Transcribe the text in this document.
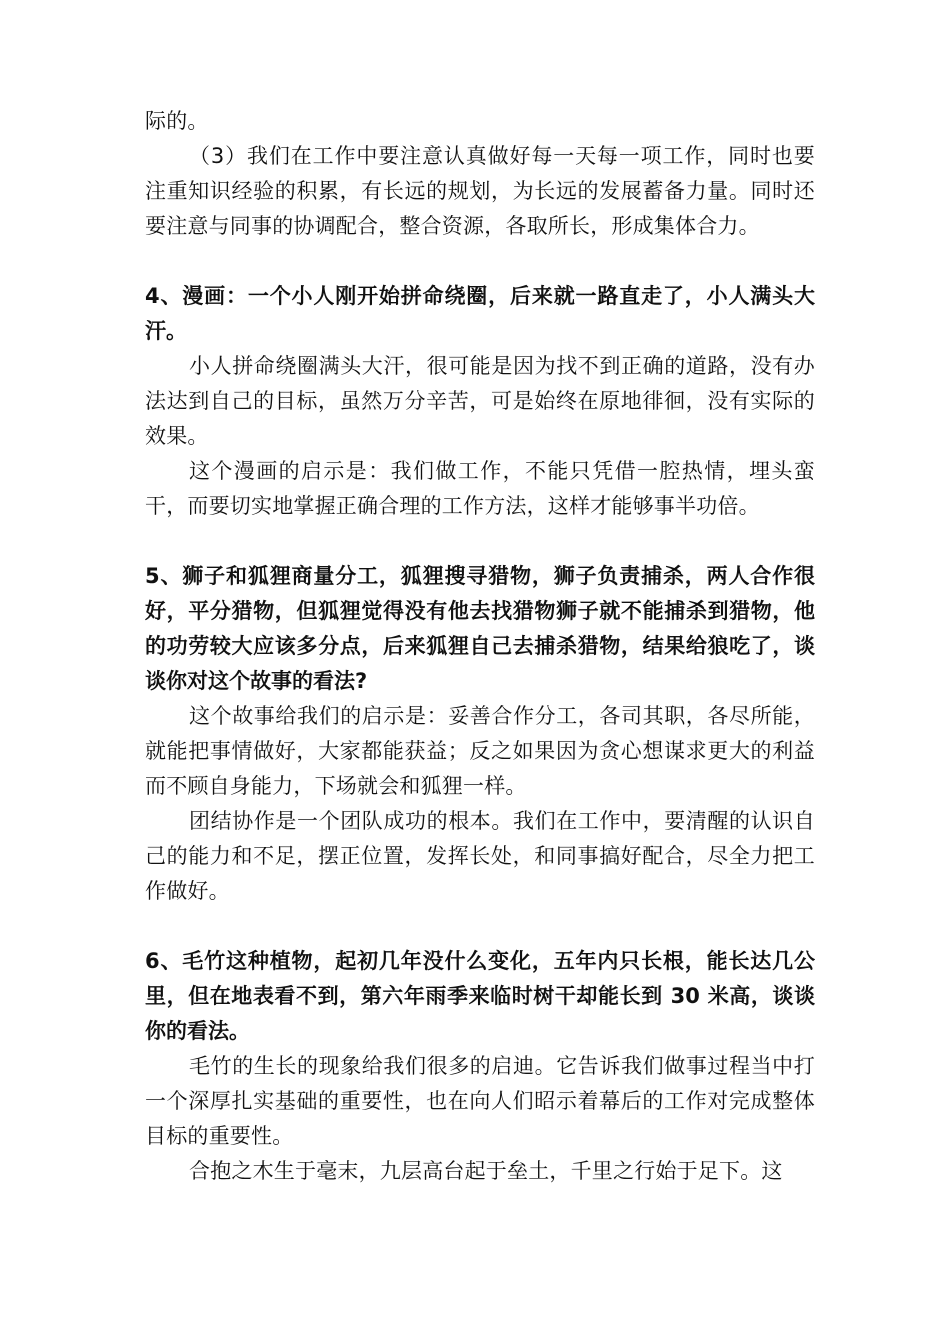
际的。

（3）我们在工作中要注意认真做好每一天每一项工作，同时也要注重知识经验的积累，有长远的规划，为长远的发展蓄备力量。同时还要注意与同事的协调配合，整合资源，各取所长，形成集体合力。

4、漫画：一个小人刚开始拼命绕圈，后来就一路直走了，小人满头大汗。

小人拼命绕圈满头大汗，很可能是因为找不到正确的道路，没有办法达到自己的目标，虽然万分辛苦，可是始终在原地徘徊，没有实际的效果。

这个漫画的启示是：我们做工作，不能只凭借一腔热情，埋头蛮干，而要切实地掌握正确合理的工作方法，这样才能够事半功倍。

5、狮子和狐狸商量分工，狐狸搜寻猎物，狮子负责捕杀，两人合作很好，平分猎物，但狐狸觉得没有他去找猎物狮子就不能捕杀到猎物，他的功劳较大应该多分点，后来狐狸自己去捕杀猎物，结果给狼吃了，谈谈你对这个故事的看法?

这个故事给我们的启示是：妥善合作分工，各司其职，各尽所能，就能把事情做好，大家都能获益；反之如果因为贪心想谋求更大的利益而不顾自身能力，下场就会和狐狸一样。

团结协作是一个团队成功的根本。我们在工作中，要清醒的认识自己的能力和不足，摆正位置，发挥长处，和同事搞好配合，尽全力把工作做好。

6、毛竹这种植物，起初几年没什么变化，五年内只长根，能长达几公里，但在地表看不到，第六年雨季来临时树干却能长到 30 米高，谈谈你的看法。

毛竹的生长的现象给我们很多的启迪。它告诉我们做事过程当中打一个深厚扎实基础的重要性，也在向人们昭示着幕后的工作对完成整体目标的重要性。

合抱之木生于毫末，九层高台起于垒土，千里之行始于足下。这
